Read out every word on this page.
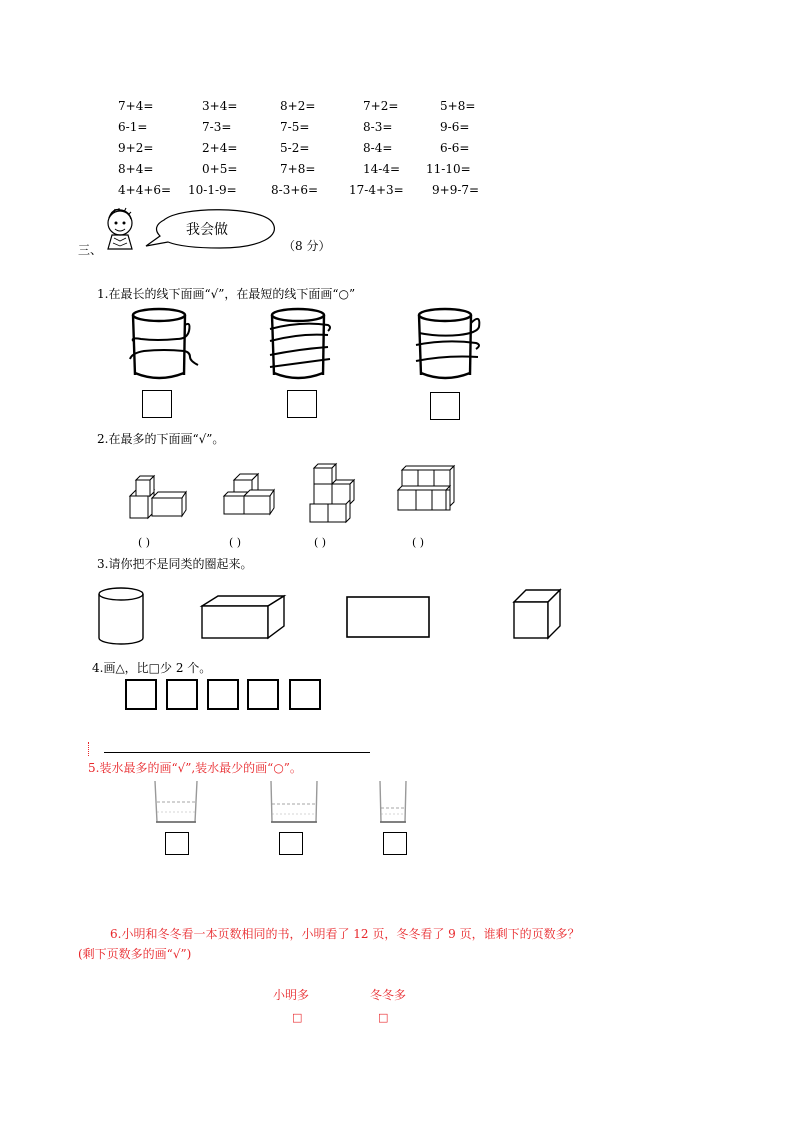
7+4=	3+4=	8+2=	7+2=	5+8=
6-1=	7-3=	7-5=	8-3=	9-6=
9+2=	2+4=	5-2=	8-4=	6-6=
8+4=	0+5=	7+8=	14-4= 11-10=
4+4+6= 10-1-9=	8-3+6=	17-4+3= 9+9-7=
三、
我会做
（8 分）
1.在最长的线下面画“√”，在最短的线下面画“○”
2.在最多的下面画“√”。
( )	( )	( )	( )
3.请你把不是同类的圈起来。
4.画△，比□少 2 个。
5.装水最多的画“√”,装水最少的画“○”。
6.小明和冬冬看一本页数相同的书，小明看了 12 页，冬冬看了 9 页，谁剩下的页数多？
(剩下页数多的画“√”)
小明多	冬冬多
□	□
